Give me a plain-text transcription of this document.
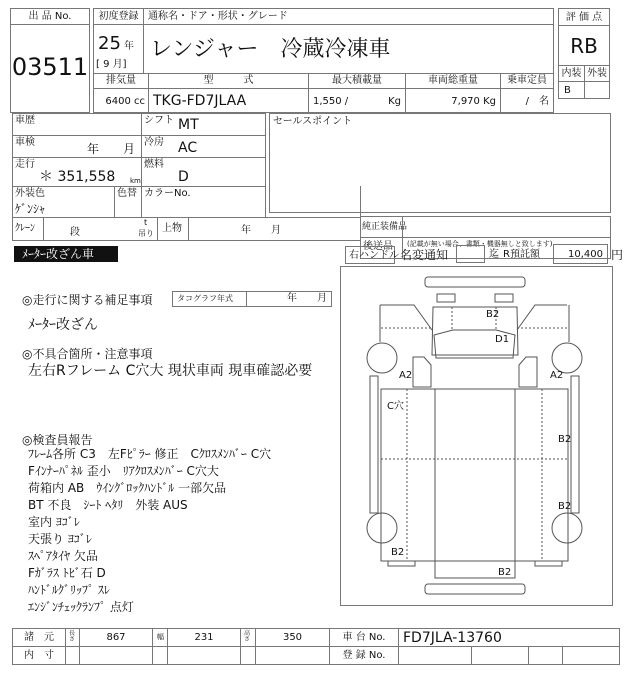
出 品 No.
03511
初度登録
25 年
[ 9 月]
通称名・ドア・形状・グレード
レンジャー　冷蔵冷凍車
排気量	型　　　式	最大積載量	車両総重量	乗車定員
6400 cc TKG-FD7JLAA	1,550 /	Kg	7,970 Kg	/　名
評 価 点
RB
内装 外装
B
車歴	シフト MT
車検	年　　月 冷房 AC
走行
＊ 351,558 km
燃料
D
外装色
ｹﾞﾝｼｬ
色替 カラーNo.
ｸﾚｰﾝ	段
t
吊り 上物	年　　月
セールスポイント
純正装備品
後送品 (記載が無い場合、書類・機器無しと致します)
ﾒｰﾀｰ改ざん車	右ハンドル 名変通知	迄 R預託額	10,400 円
◎走行に関する補足事項	タコグラフ年式	年　　月
ﾒｰﾀｰ改ざん
◎不具合箇所・注意事項
左右Rフレーム C穴大 現状車両 現車確認必要
◎検査員報告
ﾌﾚｰﾑ各所 C3　左Fﾋﾟﾗｰ 修正　Cｸﾛｽﾒﾝﾊﾞｰ C穴
Fｲﾝﾅｰﾊﾟﾈﾙ 歪小　ﾘｱｸﾛｽﾒﾝﾊﾞｰ C穴大
荷箱内 AB　ｳｲﾝｸﾞﾛｯｸﾊﾝﾄﾞﾙ 一部欠品
BT 不良　ｼｰﾄ ﾍﾀﾘ　外装 AUS
室内 ﾖｺﾞﾚ
天張り ﾖｺﾞﾚ
ｽﾍﾟｱﾀｲﾔ 欠品
Fｶﾞﾗｽ ﾄﾋﾞ石 D
ﾊﾝﾄﾞﾙｸﾞﾘｯﾌﾟ ｽﾚ
ｴﾝｼﾞﾝﾁｪｯｸﾗﾝﾌﾟ 点灯
B2
D1
A2	A2
C穴
B2
B2
B2
B2
諸　元	長さ	867	幅	231	高さ	350	車 台 No.	FD7JLA-13760
内　寸	登 録 No.
